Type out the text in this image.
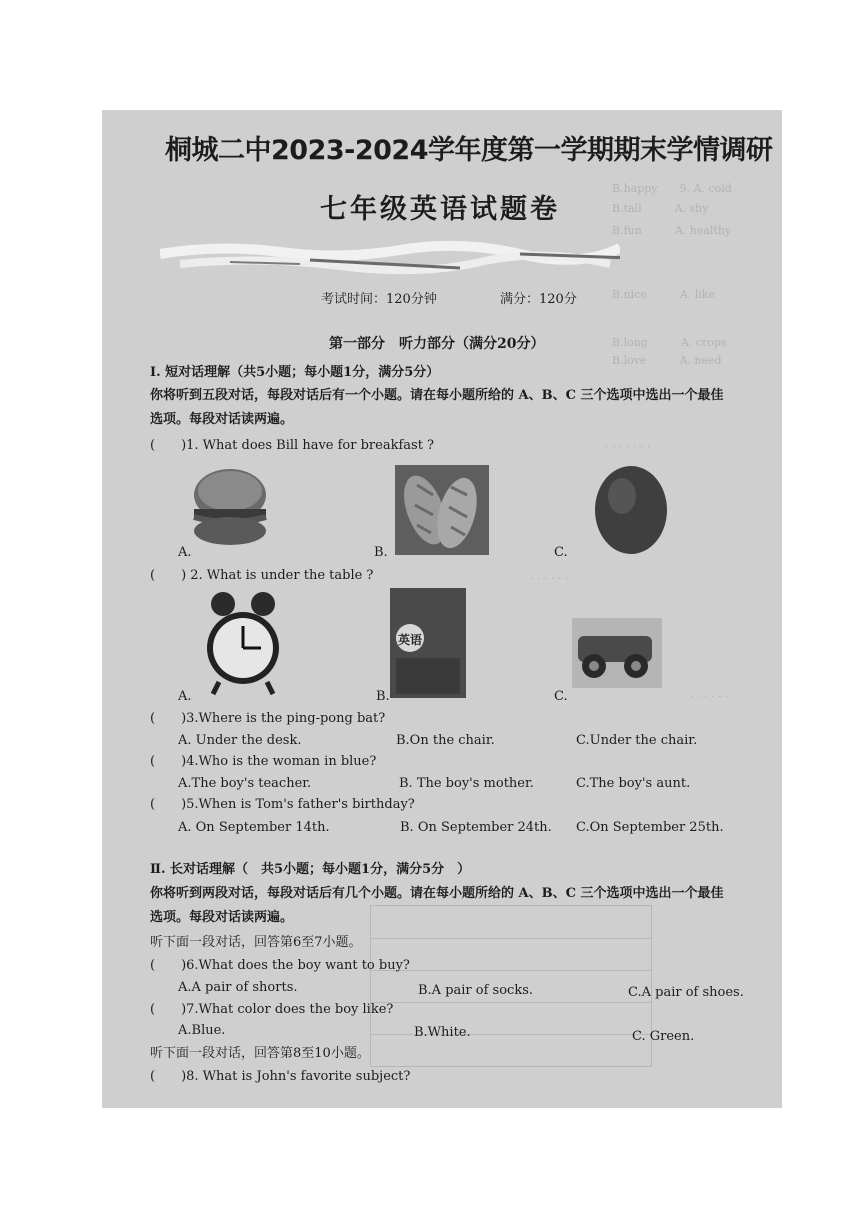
B.happy　　9. A. cold
B.tall　　　A. shy
B.fun　　　A. healthy
B.nice　　　A. like
B.long　　　A. crops
B.love　　　A. need
· · · · · · ·
· · · · · ·
· · · · · ·
桐城二中2023-2024学年度第一学期期末学情调研
七年级英语试题卷
考试时间：120分钟	满分：120分
第一部分　听力部分（满分20分）
Ⅰ. 短对话理解（共5小题；每小题1分，满分5分）
你将听到五段对话，每段对话后有一个小题。请在每小题所给的 A、B、C 三个选项中选出一个最佳
选项。每段对话读两遍。
(　　)1. What does Bill have for breakfast ?
A.	B.	C.
(　　) 2. What is under the table ?
A.
英语
B.	C.
(　　)3.Where is the ping-pong bat?
A. Under the desk.	B.On the chair.	C.Under the chair.
(　　)4.Who is the woman in blue?
A.The boy's teacher.	B. The boy's mother.	C.The boy's aunt.
(　　)5.When is Tom's father's birthday?
A. On September 14th.	B. On September 24th. C.On September 25th.
Ⅱ. 长对话理解（　共5小题；每小题1分，满分5分　）
你将听到两段对话，每段对话后有几个小题。请在每小题所给的 A、B、C 三个选项中选出一个最佳
选项。每段对话读两遍。
听下面一段对话，回答第6至7小题。
(　　)6.What does the boy want to buy?
A.A pair of shorts.	B.A pair of socks.	C.A pair of shoes.
(　　)7.What color does the boy like?
A.Blue.	B.White.	C. Green.
听下面一段对话，回答第8至10小题。
(　　)8. What is John's favorite subject?
